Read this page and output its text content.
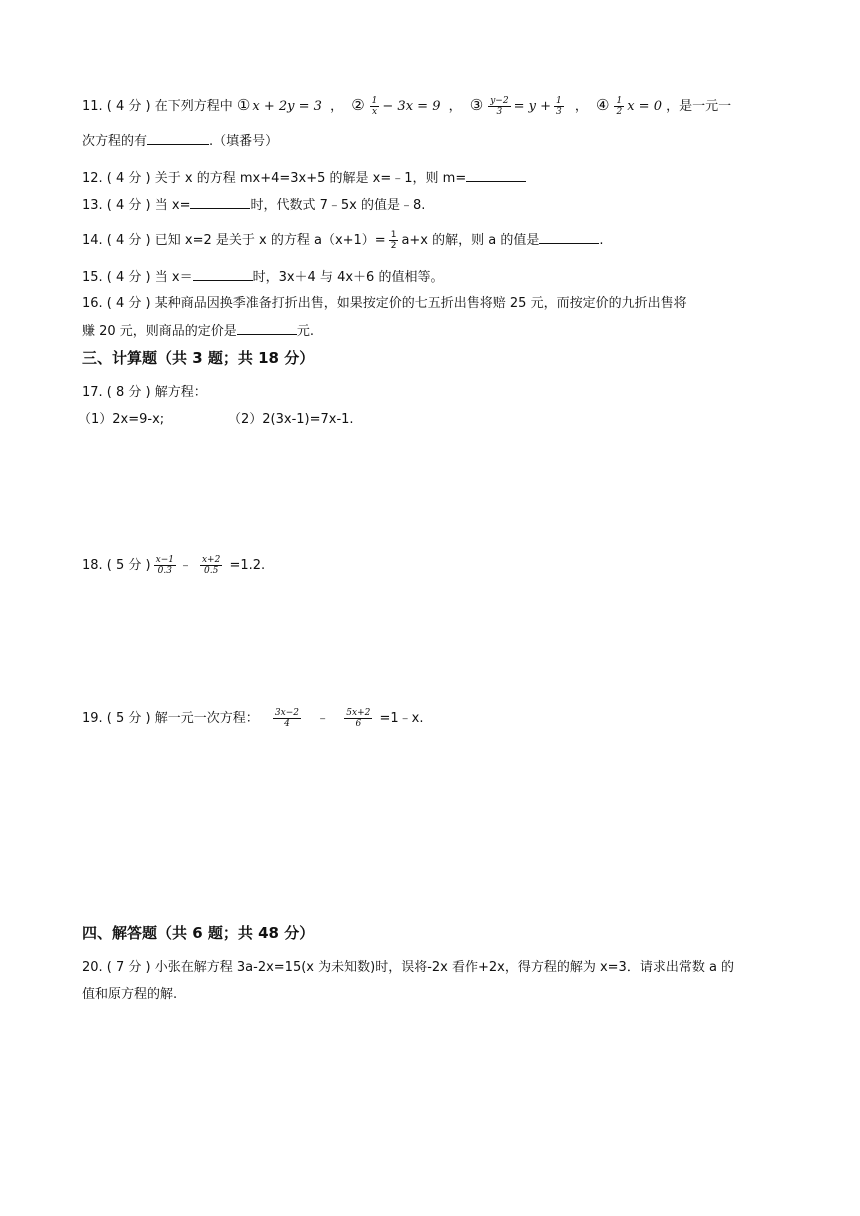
11. ( 4 分 ) 在下列方程中 ① x + 2y = 3 ， ② $\frac{1}{x} - 3x = 9$ ， ③ $\frac{y-2}{3} = y + \frac{1}{3}$ ， ④ $\frac{1}{2}$ x = 0 ，是一元一
次方程的有	.（填番号）
12. ( 4 分 ) 关于 x 的方程 mx+4=3x+5 的解是 x=﹣1，则 m=
13. ( 4 分 ) 当 x=	时，代数式 7﹣5x 的值是﹣8.
14. ( 4 分 ) 已知 x=2 是关于 x 的方程 $a(x+1)= \frac{1}{2} a+x$ 的解，则 a 的值是	.
15. ( 4 分 ) 当 x＝	时，3x＋4 与 4x＋6 的值相等。
16. ( 4 分 ) 某种商品因换季准备打折出售，如果按定价的七五折出售将赔 25 元，而按定价的九折出售将
赚 20 元，则商品的定价是	元.
三、计算题（共 3 题；共 18 分）
17. ( 8 分 ) 解方程：
（1）2x=9-x;	（2）2(3x-1)=7x-1.
18. ( 5 分 ) $\frac{x-1}{0.3}$ ﹣ $\frac{x+2}{0.5} =1.2$.
19. ( 5 分 ) 解一元一次方程： $\frac{3x-2}{4}$ ﹣ $\frac{5x+2}{6}$ =1﹣x.
四、解答题（共 6 题；共 48 分）
20. ( 7 分 ) 小张在解方程 3a-2x=15(x 为未知数)时，误将-2x 看作+2x，得方程的解为 x=3．请求出常数 a 的
值和原方程的解.
